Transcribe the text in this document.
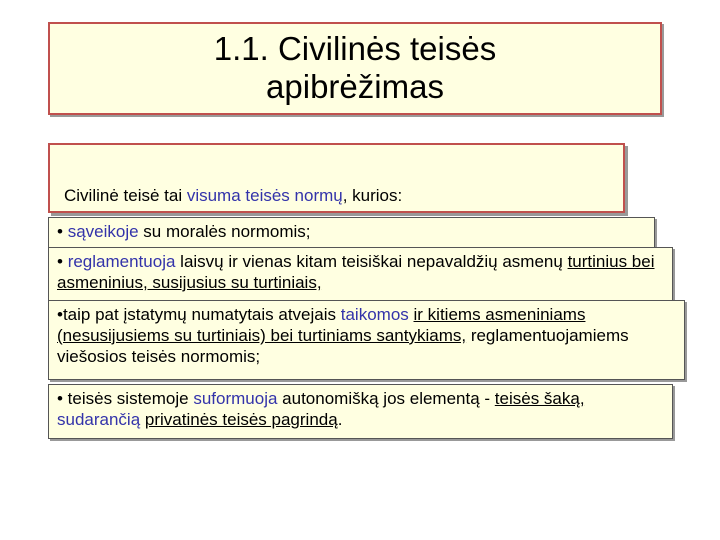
1.1. Civilinės teisės
apibrėžimas
Civilinė teisė tai visuma teisės normų, kurios:
• sąveikoje su moralės normomis;
• reglamentuoja laisvų ir vienas kitam teisiškai nepavaldžių asmenų turtinius bei asmeninius, susijusius su turtiniais,
•taip pat įstatymų numatytais atvejais taikomos ir kitiems asmeniniams (nesusijusiems su turtiniais) bei turtiniams santykiams, reglamentuojamiems viešosios teisės normomis;
• teisės sistemoje suformuoja autonomišką jos elementą - teisės šaką, sudarančią privatinės teisės pagrindą.
